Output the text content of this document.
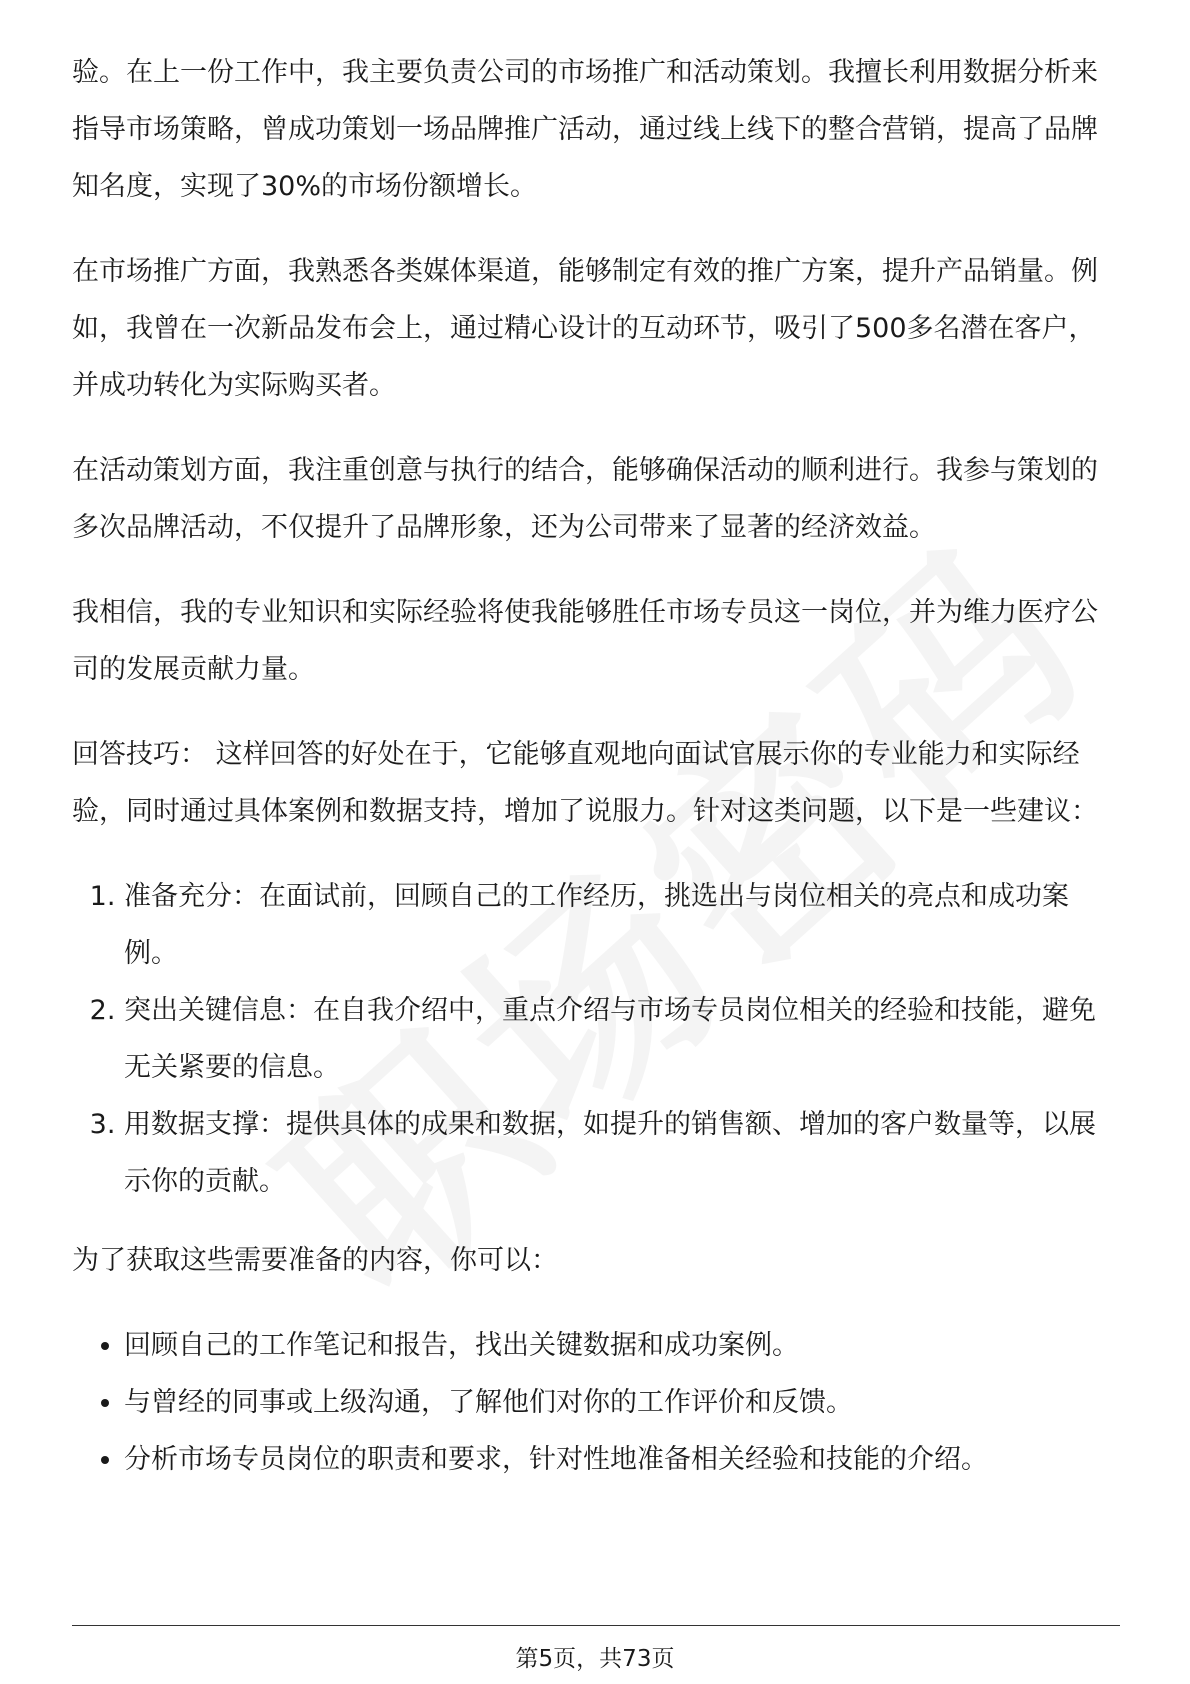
验。在上一份工作中，我主要负责公司的市场推广和活动策划。我擅长利用数据分析来指导市场策略，曾成功策划一场品牌推广活动，通过线上线下的整合营销，提高了品牌知名度，实现了30%的市场份额增长。

在市场推广方面，我熟悉各类媒体渠道，能够制定有效的推广方案，提升产品销量。例如，我曾在一次新品发布会上，通过精心设计的互动环节，吸引了500多名潜在客户，并成功转化为实际购买者。

在活动策划方面，我注重创意与执行的结合，能够确保活动的顺利进行。我参与策划的多次品牌活动，不仅提升了品牌形象，还为公司带来了显著的经济效益。

我相信，我的专业知识和实际经验将使我能够胜任市场专员这一岗位，并为维力医疗公司的发展贡献力量。

回答技巧： 这样回答的好处在于，它能够直观地向面试官展示你的专业能力和实际经验，同时通过具体案例和数据支持，增加了说服力。针对这类问题，以下是一些建议：

1. 准备充分：在面试前，回顾自己的工作经历，挑选出与岗位相关的亮点和成功案例。
2. 突出关键信息：在自我介绍中，重点介绍与市场专员岗位相关的经验和技能，避免无关紧要的信息。
3. 用数据支撑：提供具体的成果和数据，如提升的销售额、增加的客户数量等，以展示你的贡献。

为了获取这些需要准备的内容，你可以：

• 回顾自己的工作笔记和报告，找出关键数据和成功案例。
• 与曾经的同事或上级沟通，了解他们对你的工作评价和反馈。
• 分析市场专员岗位的职责和要求，针对性地准备相关经验和技能的介绍。
第5页，共73页
